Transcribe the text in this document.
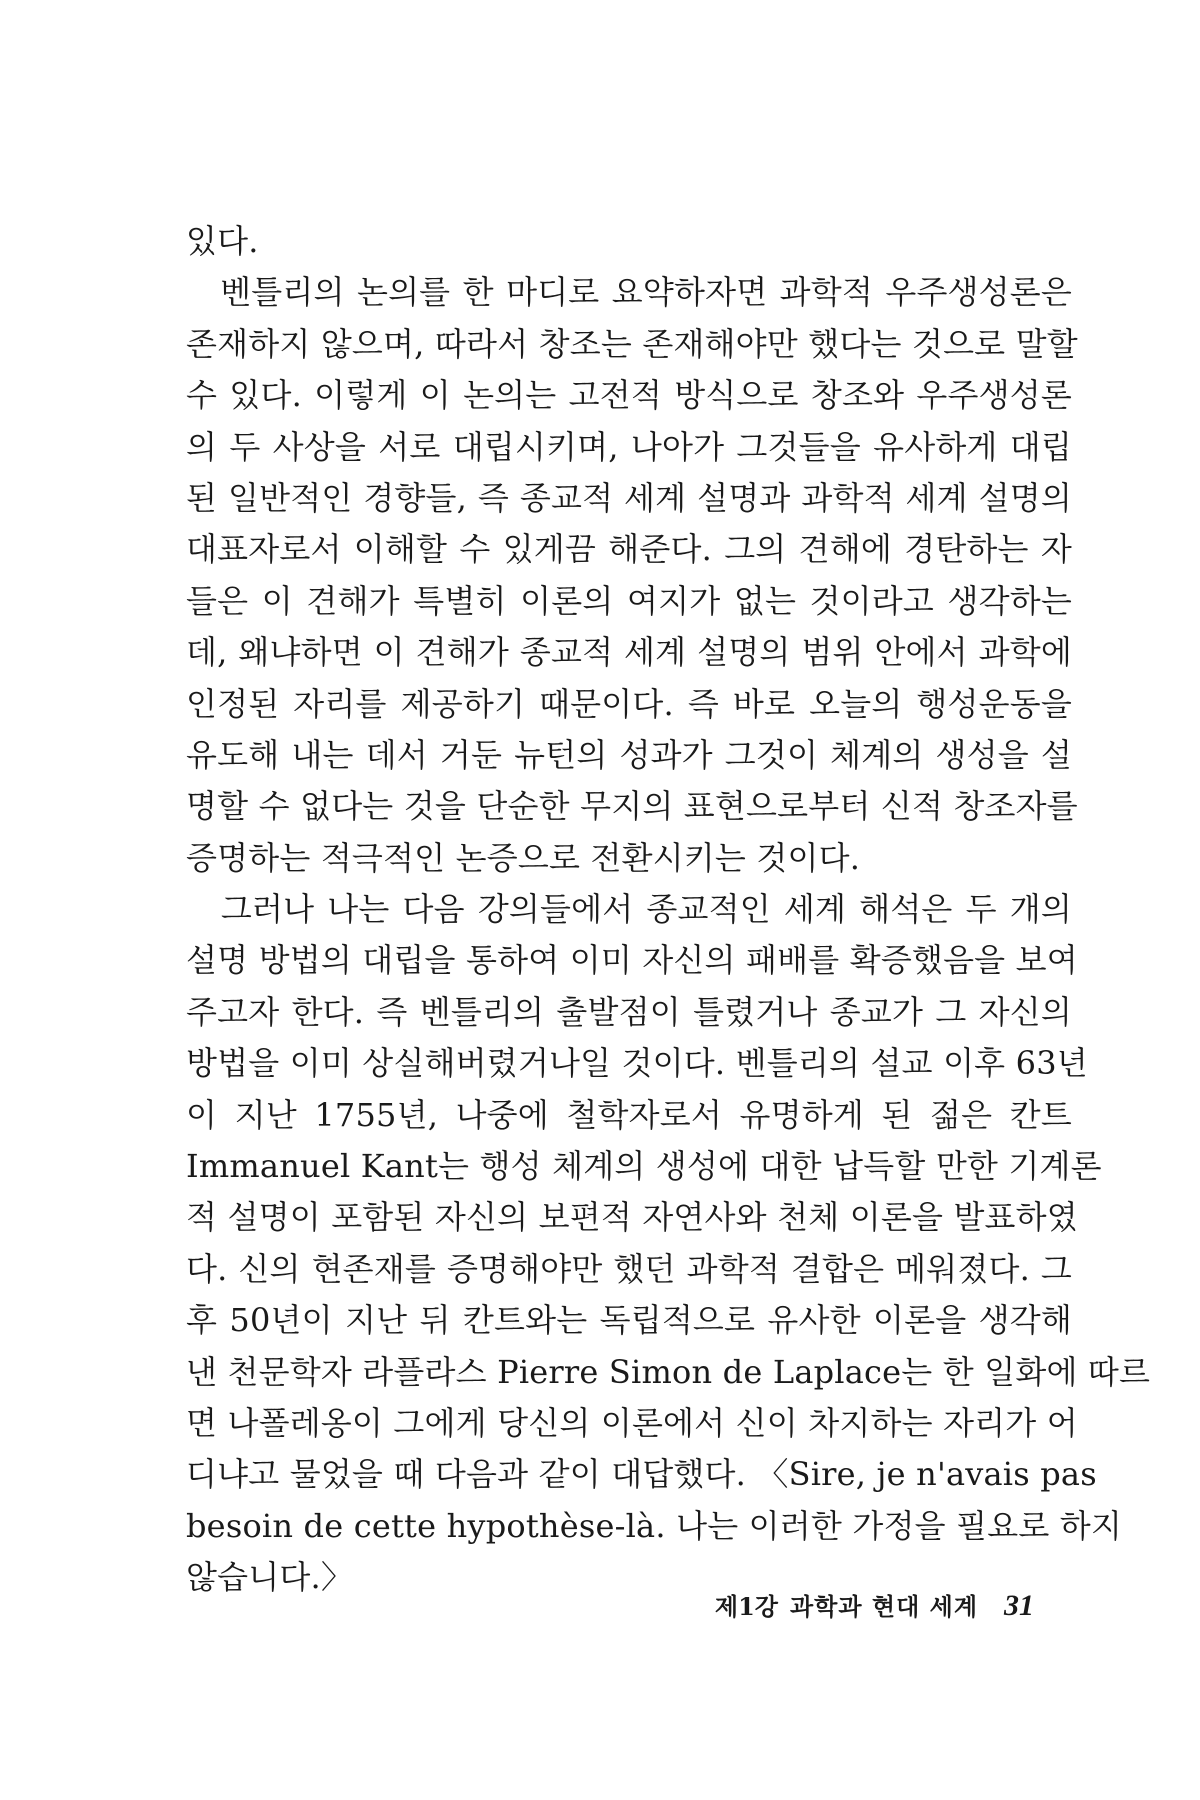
있다.
　벤틀리의 논의를 한 마디로 요약하자면 과학적 우주생성론은
존재하지 않으며, 따라서 창조는 존재해야만 했다는 것으로 말할
수 있다. 이렇게 이 논의는 고전적 방식으로 창조와 우주생성론
의 두 사상을 서로 대립시키며, 나아가 그것들을 유사하게 대립
된 일반적인 경향들, 즉 종교적 세계 설명과 과학적 세계 설명의
대표자로서 이해할 수 있게끔 해준다. 그의 견해에 경탄하는 자
들은 이 견해가 특별히 이론의 여지가 없는 것이라고 생각하는
데, 왜냐하면 이 견해가 종교적 세계 설명의 범위 안에서 과학에
인정된 자리를 제공하기 때문이다. 즉 바로 오늘의 행성운동을
유도해 내는 데서 거둔 뉴턴의 성과가 그것이 체계의 생성을 설
명할 수 없다는 것을 단순한 무지의 표현으로부터 신적 창조자를
증명하는 적극적인 논증으로 전환시키는 것이다.
　그러나 나는 다음 강의들에서 종교적인 세계 해석은 두 개의
설명 방법의 대립을 통하여 이미 자신의 패배를 확증했음을 보여
주고자 한다. 즉 벤틀리의 출발점이 틀렸거나 종교가 그 자신의
방법을 이미 상실해버렸거나일 것이다. 벤틀리의 설교 이후 63년
이 지난 1755년, 나중에 철학자로서 유명하게 된 젊은 칸트
Immanuel Kant는 행성 체계의 생성에 대한 납득할 만한 기계론
적 설명이 포함된 자신의 보편적 자연사와 천체 이론을 발표하였
다. 신의 현존재를 증명해야만 했던 과학적 결합은 메워졌다. 그
후 50년이 지난 뒤 칸트와는 독립적으로 유사한 이론을 생각해
낸 천문학자 라플라스 Pierre Simon de Laplace는 한 일화에 따르
면 나폴레옹이 그에게 당신의 이론에서 신이 차지하는 자리가 어
디냐고 물었을 때 다음과 같이 대답했다. 〈Sire, je n'avais pas
besoin de cette hypothèse-là. 나는 이러한 가정을 필요로 하지
않습니다.〉
제1강 과학과 현대 세계 31
